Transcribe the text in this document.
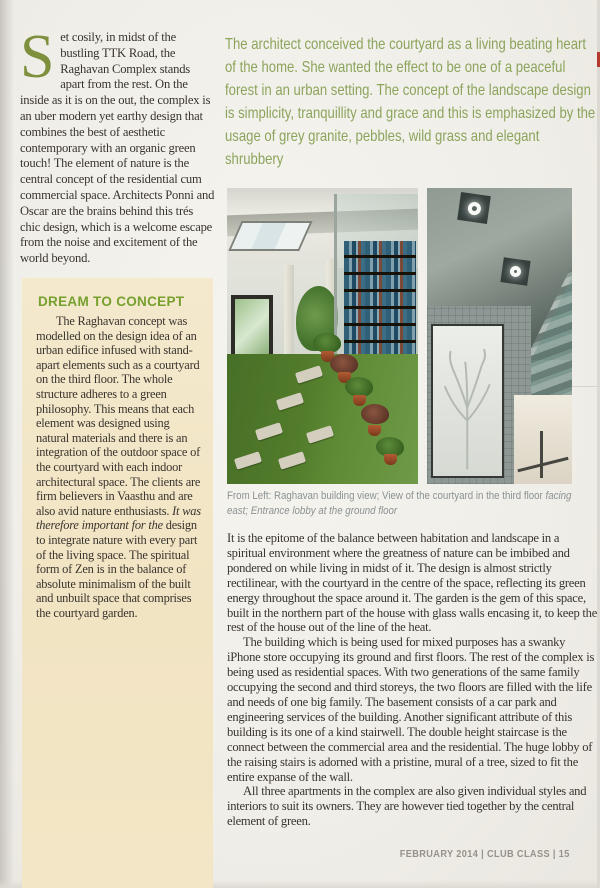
Set cosily, in midst of the bustling TTK Road, the Raghavan Complex stands apart from the rest. On the inside as it is on the out, the complex is an uber modern yet earthy design that combines the best of aesthetic contemporary with an organic green touch! The element of nature is the central concept of the residential cum commercial space. Architects Ponni and Oscar are the brains behind this trés chic design, which is a welcome escape from the noise and excitement of the world beyond.
The architect conceived the courtyard as a living beating heart of the home. She wanted the effect to be one of a peaceful forest in an urban setting. The concept of the landscape design is simplicity, tranquillity and grace and this is emphasized by the usage of grey granite, pebbles, wild grass and elegant shrubbery
DREAM TO CONCEPT

The Raghavan concept was modelled on the design idea of an urban edifice infused with stand-apart elements such as a courtyard on the third floor. The whole structure adheres to a green philosophy. This means that each element was designed using natural materials and there is an integration of the outdoor space of the courtyard with each indoor architectural space. The clients are firm believers in Vaasthu and are also avid nature enthusiasts. It was therefore important for the design to integrate nature with every part of the living space. The spiritual form of Zen is in the balance of absolute minimalism of the built and unbuilt space that comprises the courtyard garden.

From Left: Raghavan building view; View of the courtyard in the third floor facing east; Entrance lobby at the ground floor

It is the epitome of the balance between habitation and landscape in a spiritual environment where the greatness of nature can be imbibed and pondered on while living in midst of it. The design is almost strictly rectilinear, with the courtyard in the centre of the space, reflecting its green energy throughout the space around it. The garden is the gem of this space, built in the northern part of the house with glass walls encasing it, to keep the rest of the house out of the line of the heat.

The building which is being used for mixed purposes has a swanky iPhone store occupying its ground and first floors. The rest of the complex is being used as residential spaces. With two generations of the same family occupying the second and third storeys, the two floors are filled with the life and needs of one big family. The basement consists of a car park and engineering services of the building. Another significant attribute of this building is its one of a kind stairwell. The double height staircase is the connect between the commercial area and the residential. The huge lobby of the raising stairs is adorned with a pristine, mural of a tree, sized to fit the entire expanse of the wall.

All three apartments in the complex are also given individual styles and interiors to suit its owners. They are however tied together by the central element of green.

FEBRUARY 2014 | CLUB CLASS | 15
